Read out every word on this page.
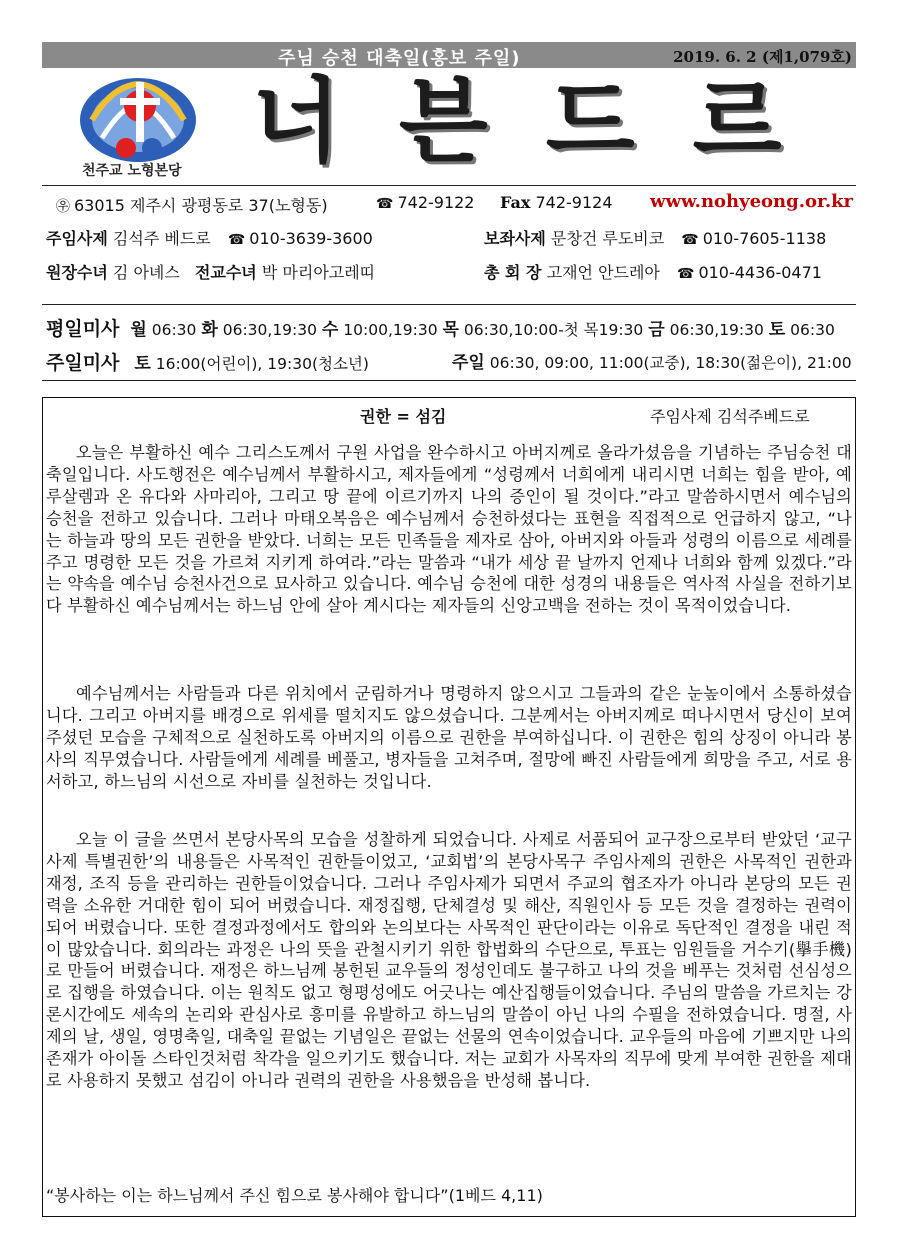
주님 승천 대축일(홍보 주일)	2019. 6. 2 (제1,079호)
천주교 노형본당 너븐드르
㉾ 63015 제주시 광평동로 37(노형동)	☎ 742-9122 Fax 742-9124 www.nohyeong.or.kr
주임사제 김석주 베드로 ☎ 010-3639-3600	보좌사제 문창건 루도비코 ☎ 010-7605-1138
원장수녀 김 아녜스 전교수녀 박 마리아고레띠	총 회 장 고재언 안드레아 ☎ 010-4436-0471
평일미사 월 06:30 화 06:30,19:30 수 10:00,19:30 목 06:30,10:00-첫 목19:30 금 06:30,19:30 토 06:30
주일미사 토 16:00(어린이), 19:30(청소년)	주일 06:30, 09:00, 11:00(교중), 18:30(젊은이), 21:00
권한 = 섬김	주임사제 김석주베드로
오늘은 부활하신 예수 그리스도께서 구원 사업을 완수하시고 아버지께로 올라가셨음을 기념하는 주님승천 대축일입니다. 사도행전은 예수님께서 부활하시고, 제자들에게 “성령께서 너희에게 내리시면 너희는 힘을 받아, 예루살렘과 온 유다와 사마리아, 그리고 땅 끝에 이르기까지 나의 증인이 될 것이다.”라고 말씀하시면서 예수님의 승천을 전하고 있습니다. 그러나 마태오복음은 예수님께서 승천하셨다는 표현을 직접적으로 언급하지 않고, “나는 하늘과 땅의 모든 권한을 받았다. 너희는 모든 민족들을 제자로 삼아, 아버지와 아들과 성령의 이름으로 세례를 주고 명령한 모든 것을 가르쳐 지키게 하여라.”라는 말씀과 “내가 세상 끝 날까지 언제나 너희와 함께 있겠다.”라는 약속을 예수님 승천사건으로 묘사하고 있습니다. 예수님 승천에 대한 성경의 내용들은 역사적 사실을 전하기보다 부활하신 예수님께서는 하느님 안에 살아 계시다는 제자들의 신앙고백을 전하는 것이 목적이었습니다.
예수님께서는 사람들과 다른 위치에서 군림하거나 명령하지 않으시고 그들과의 같은 눈높이에서 소통하셨습니다. 그리고 아버지를 배경으로 위세를 떨치지도 않으셨습니다. 그분께서는 아버지께로 떠나시면서 당신이 보여주셨던 모습을 구체적으로 실천하도록 아버지의 이름으로 권한을 부여하십니다. 이 권한은 힘의 상징이 아니라 봉사의 직무였습니다. 사람들에게 세례를 베풀고, 병자들을 고쳐주며, 절망에 빠진 사람들에게 희망을 주고, 서로 용서하고, 하느님의 시선으로 자비를 실천하는 것입니다.
오늘 이 글을 쓰면서 본당사목의 모습을 성찰하게 되었습니다. 사제로 서품되어 교구장으로부터 받았던 ‘교구사제 특별권한’의 내용들은 사목적인 권한들이었고, ‘교회법’의 본당사목구 주임사제의 권한은 사목적인 권한과 재정, 조직 등을 관리하는 권한들이었습니다. 그러나 주임사제가 되면서 주교의 협조자가 아니라 본당의 모든 권력을 소유한 거대한 힘이 되어 버렸습니다. 재정집행, 단체결성 및 해산, 직원인사 등 모든 것을 결정하는 권력이 되어 버렸습니다. 또한 결정과정에서도 합의와 논의보다는 사목적인 판단이라는 이유로 독단적인 결정을 내린 적이 많았습니다. 회의라는 과정은 나의 뜻을 관철시키기 위한 합법화의 수단으로, 투표는 임원들을 거수기(擧手機)로 만들어 버렸습니다. 재정은 하느님께 봉헌된 교우들의 정성인데도 불구하고 나의 것을 베푸는 것처럼 선심성으로 집행을 하였습니다. 이는 원칙도 없고 형평성에도 어긋나는 예산집행들이었습니다. 주님의 말씀을 가르치는 강론시간에도 세속의 논리와 관심사로 흥미를 유발하고 하느님의 말씀이 아닌 나의 수필을 전하였습니다. 명절, 사제의 날, 생일, 영명축일, 대축일 끝없는 기념일은 끝없는 선물의 연속이었습니다. 교우들의 마음에 기쁘지만 나의 존재가 아이돌 스타인것처럼 착각을 일으키기도 했습니다. 저는 교회가 사목자의 직무에 맞게 부여한 권한을 제대로 사용하지 못했고 섬김이 아니라 권력의 권한을 사용했음을 반성해 봅니다.
“봉사하는 이는 하느님께서 주신 힘으로 봉사해야 합니다”(1베드 4,11)
